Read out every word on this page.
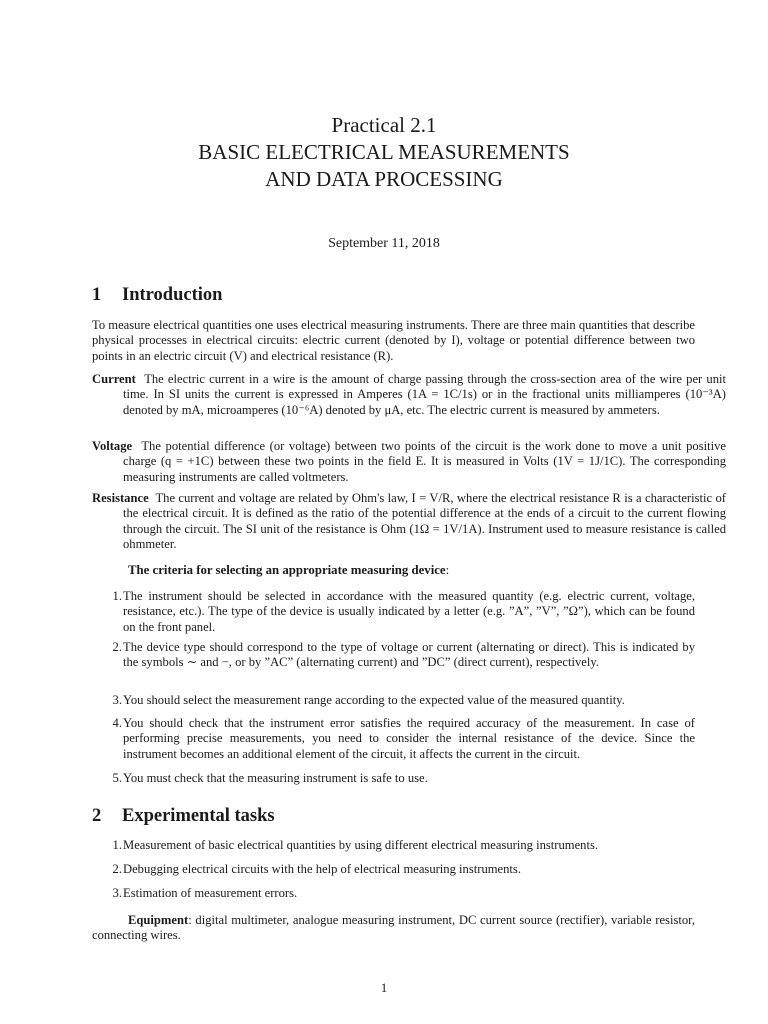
Practical 2.1
BASIC ELECTRICAL MEASUREMENTS
AND DATA PROCESSING
September 11, 2018
1 Introduction
To measure electrical quantities one uses electrical measuring instruments. There are three main quantities that describe physical processes in electrical circuits: electric current (denoted by I), voltage or potential difference between two points in an electric circuit (V) and electrical resistance (R).
Current The electric current in a wire is the amount of charge passing through the cross-section area of the wire per unit time. In SI units the current is expressed in Amperes (1A = 1C/1s) or in the fractional units milliamperes (10⁻³A) denoted by mA, microamperes (10⁻⁶A) denoted by μA, etc. The electric current is measured by ammeters.
Voltage The potential difference (or voltage) between two points of the circuit is the work done to move a unit positive charge (q = +1C) between these two points in the field E. It is measured in Volts (1V = 1J/1C). The corresponding measuring instruments are called voltmeters.
Resistance The current and voltage are related by Ohm's law, I = V/R, where the electrical resistance R is a characteristic of the electrical circuit. It is defined as the ratio of the potential difference at the ends of a circuit to the current flowing through the circuit. The SI unit of the resistance is Ohm (1Ω = 1V/1A). Instrument used to measure resistance is called ohmmeter.
The criteria for selecting an appropriate measuring device:
1. The instrument should be selected in accordance with the measured quantity (e.g. electric current, voltage, resistance, etc.). The type of the device is usually indicated by a letter (e.g. ”A”, ”V”, ”Ω”), which can be found on the front panel.
2. The device type should correspond to the type of voltage or current (alternating or direct). This is indicated by the symbols ∼ and −, or by ”AC” (alternating current) and ”DC” (direct current), respectively.
3. You should select the measurement range according to the expected value of the measured quantity.
4. You should check that the instrument error satisfies the required accuracy of the measurement. In case of performing precise measurements, you need to consider the internal resistance of the device. Since the instrument becomes an additional element of the circuit, it affects the current in the circuit.
5. You must check that the measuring instrument is safe to use.
2 Experimental tasks
1. Measurement of basic electrical quantities by using different electrical measuring instruments.
2. Debugging electrical circuits with the help of electrical measuring instruments.
3. Estimation of measurement errors.
Equipment: digital multimeter, analogue measuring instrument, DC current source (rectifier), variable resistor, connecting wires.
1
